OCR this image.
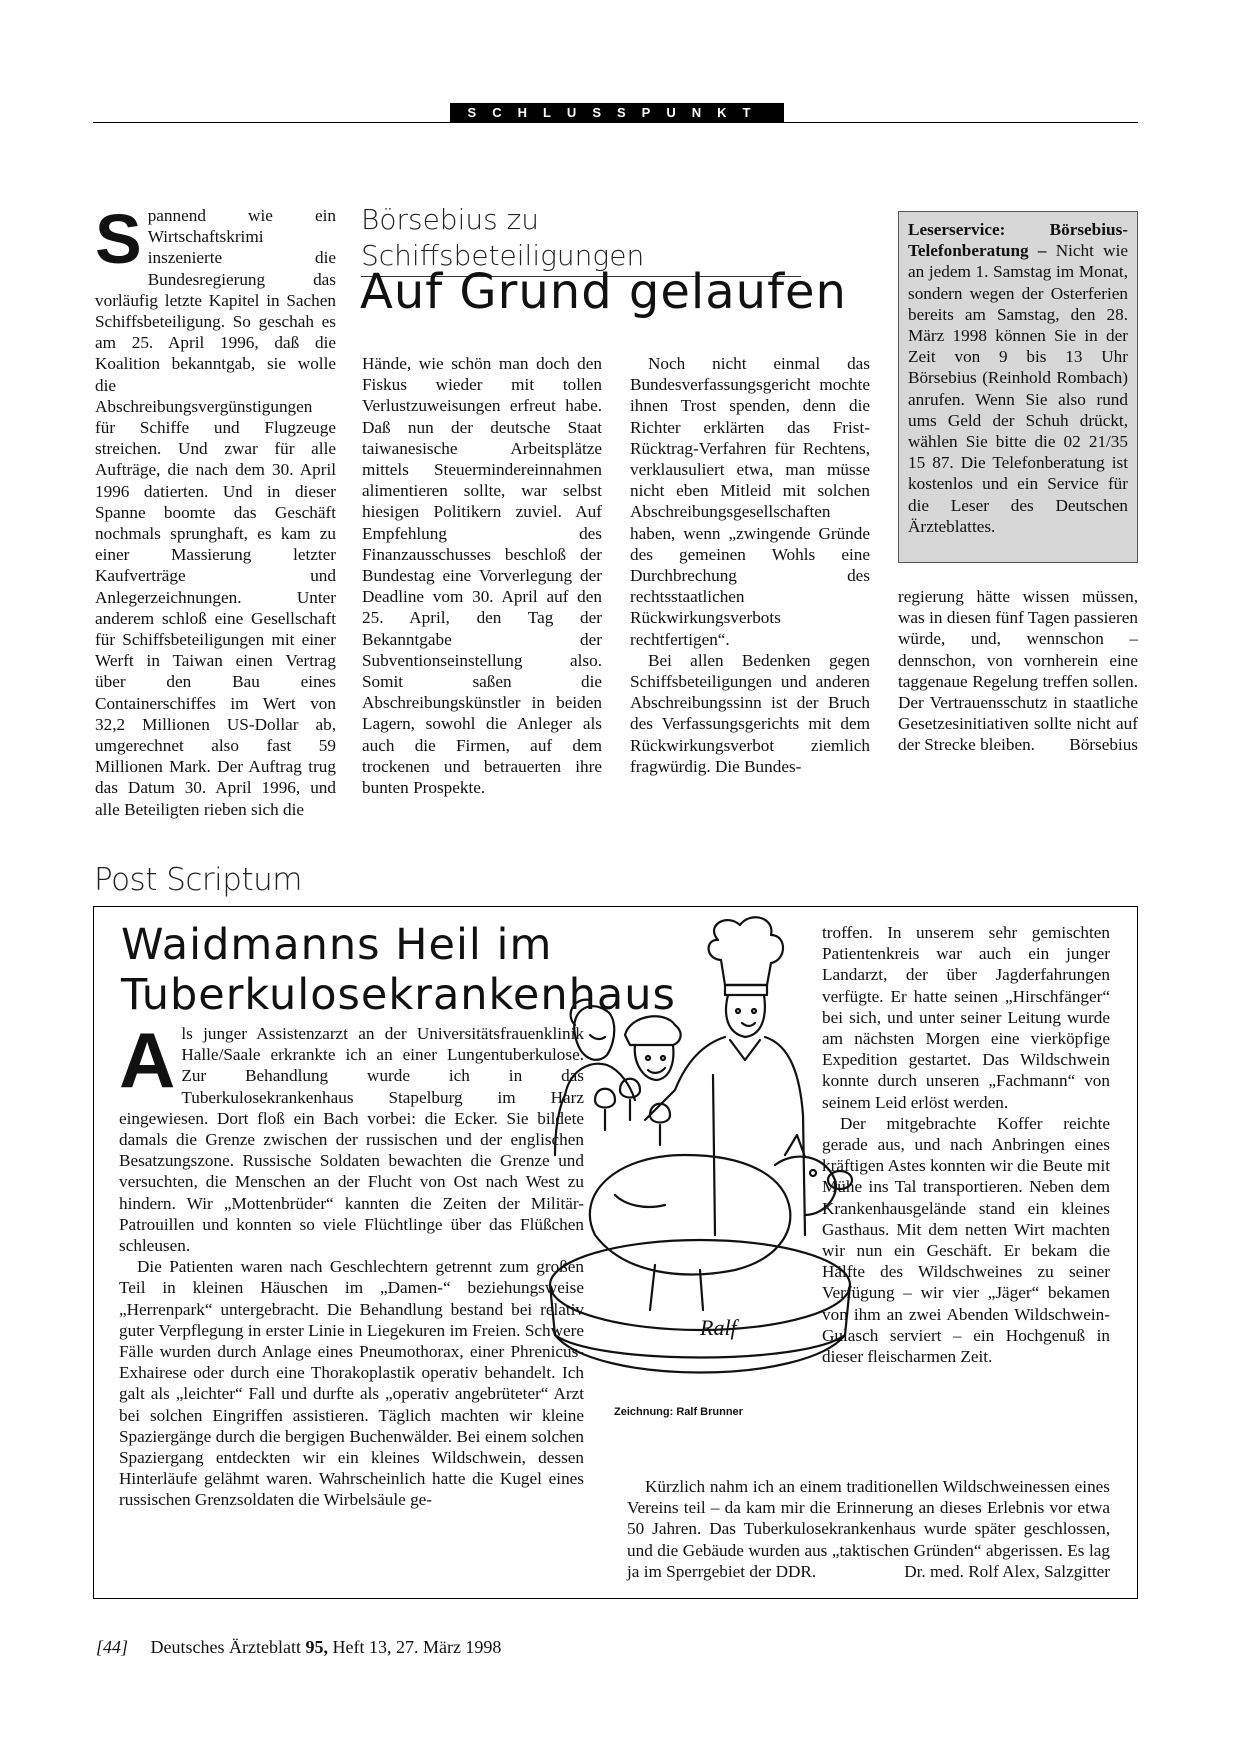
SCHLUSSPUNKT

Spannend wie ein Wirtschaftskrimi inszenierte die Bundesregierung das vorläufig letzte Kapitel in Sachen Schiffsbeteiligung. So geschah es am 25. April 1996, daß die Koalition bekanntgab, sie wolle die Abschreibungsvergünstigungen für Schiffe und Flugzeuge streichen. Und zwar für alle Aufträge, die nach dem 30. April 1996 datierten. Und in dieser Spanne boomte das Geschäft nochmals sprunghaft, es kam zu einer Massierung letzter Kaufverträge und Anlegerzeichnungen. Unter anderem schloß eine Gesellschaft für Schiffsbeteiligungen mit einer Werft in Taiwan einen Vertrag über den Bau eines Containerschiffes im Wert von 32,2 Millionen US-Dollar ab, umgerechnet also fast 59 Millionen Mark. Der Auftrag trug das Datum 30. April 1996, und alle Beteiligten rieben sich die

Börsebius zu Schiffsbeteiligungen
Auf Grund gelaufen

Hände, wie schön man doch den Fiskus wieder mit tollen Verlustzuweisungen erfreut habe. Daß nun der deutsche Staat taiwanesische Arbeitsplätze mittels Steuermindereinnahmen alimentieren sollte, war selbst hiesigen Politikern zuviel. Auf Empfehlung des Finanzausschusses beschloß der Bundestag eine Vorverlegung der Deadline vom 30. April auf den 25. April, den Tag der Bekanntgabe der Subventionseinstellung also. Somit saßen die Abschreibungskünstler in beiden Lagern, sowohl die Anleger als auch die Firmen, auf dem trockenen und betrauerten ihre bunten Prospekte.

Noch nicht einmal das Bundesverfassungsgericht mochte ihnen Trost spenden, denn die Richter erklärten das Frist-Rücktrag-Verfahren für Rechtens, verklausuliert etwa, man müsse nicht eben Mitleid mit solchen Abschreibungsgesellschaften haben, wenn „zwingende Gründe des gemeinen Wohls eine Durchbrechung des rechtsstaatlichen Rückwirkungsverbots rechtfertigen“.

Bei allen Bedenken gegen Schiffsbeteiligungen und anderen Abschreibungssinn ist der Bruch des Verfassungsgerichts mit dem Rückwirkungsverbot ziemlich fragwürdig. Die Bundes-

Leserservice: Börsebius-Telefonberatung – Nicht wie an jedem 1. Samstag im Monat, sondern wegen der Osterferien bereits am Samstag, den 28. März 1998 können Sie in der Zeit von 9 bis 13 Uhr Börsebius (Reinhold Rombach) anrufen. Wenn Sie also rund ums Geld der Schuh drückt, wählen Sie bitte die 02 21/35 15 87. Die Telefonberatung ist kostenlos und ein Service für die Leser des Deutschen Ärzteblattes.

regierung hätte wissen müssen, was in diesen fünf Tagen passieren würde, und, wennschon – dennschon, von vornherein eine taggenaue Regelung treffen sollen. Der Vertrauensschutz in staatliche Gesetzesinitiativen sollte nicht auf der Strecke bleiben. Börsebius

Post Scriptum
Waidmanns Heil im
Tuberkulosekrankenhaus
Ralf
Zeichnung: Ralf Brunner

Als junger Assistenzarzt an der Universitätsfrauenklinik Halle/Saale erkrankte ich an einer Lungentuberkulose. Zur Behandlung wurde ich in das Tuberkulosekrankenhaus Stapelburg im Harz eingewiesen. Dort floß ein Bach vorbei: die Ecker. Sie bildete damals die Grenze zwischen der russischen und der englischen Besatzungszone. Russische Soldaten bewachten die Grenze und versuchten, die Menschen an der Flucht von Ost nach West zu hindern. Wir „Mottenbrüder“ kannten die Zeiten der Militär-Patrouillen und konnten so viele Flüchtlinge über das Flüßchen schleusen.

Die Patienten waren nach Geschlechtern getrennt zum großen Teil in kleinen Häuschen im „Damen-“ beziehungsweise „Herrenpark“ untergebracht. Die Behandlung bestand bei relativ guter Verpflegung in erster Linie in Liegekuren im Freien. Schwere Fälle wurden durch Anlage eines Pneumothorax, einer Phrenicus-Exhairese oder durch eine Thorakoplastik operativ behandelt. Ich galt als „leichter“ Fall und durfte als „operativ angebrüteter“ Arzt bei solchen Eingriffen assistieren. Täglich machten wir kleine Spaziergänge durch die bergigen Buchenwälder. Bei einem solchen Spaziergang entdeckten wir ein kleines Wildschwein, dessen Hinterläufe gelähmt waren. Wahrscheinlich hatte die Kugel eines russischen Grenzsoldaten die Wirbelsäule ge-

troffen. In unserem sehr gemischten Patientenkreis war auch ein junger Landarzt, der über Jagderfahrungen verfügte. Er hatte seinen „Hirschfänger“ bei sich, und unter seiner Leitung wurde am nächsten Morgen eine vierköpfige Expedition gestartet. Das Wildschwein konnte durch unseren „Fachmann“ von seinem Leid erlöst werden.

Der mitgebrachte Koffer reichte gerade aus, und nach Anbringen eines kräftigen Astes konnten wir die Beute mit Mühe ins Tal transportieren. Neben dem Krankenhausgelände stand ein kleines Gasthaus. Mit dem netten Wirt machten wir nun ein Geschäft. Er bekam die Hälfte des Wildschweines zu seiner Verfügung – wir vier „Jäger“ bekamen von ihm an zwei Abenden Wildschwein-Gulasch serviert – ein Hochgenuß in dieser fleischarmen Zeit.

Kürzlich nahm ich an einem traditionellen Wildschweinessen eines Vereins teil – da kam mir die Erinnerung an dieses Erlebnis vor etwa 50 Jahren. Das Tuberkulosekrankenhaus wurde später geschlossen, und die Gebäude wurden aus „taktischen Gründen“ abgerissen. Es lag ja im Sperrgebiet der DDR.	Dr. med. Rolf Alex, Salzgitter

[44] Deutsches Ärzteblatt 95, Heft 13, 27. März 1998
